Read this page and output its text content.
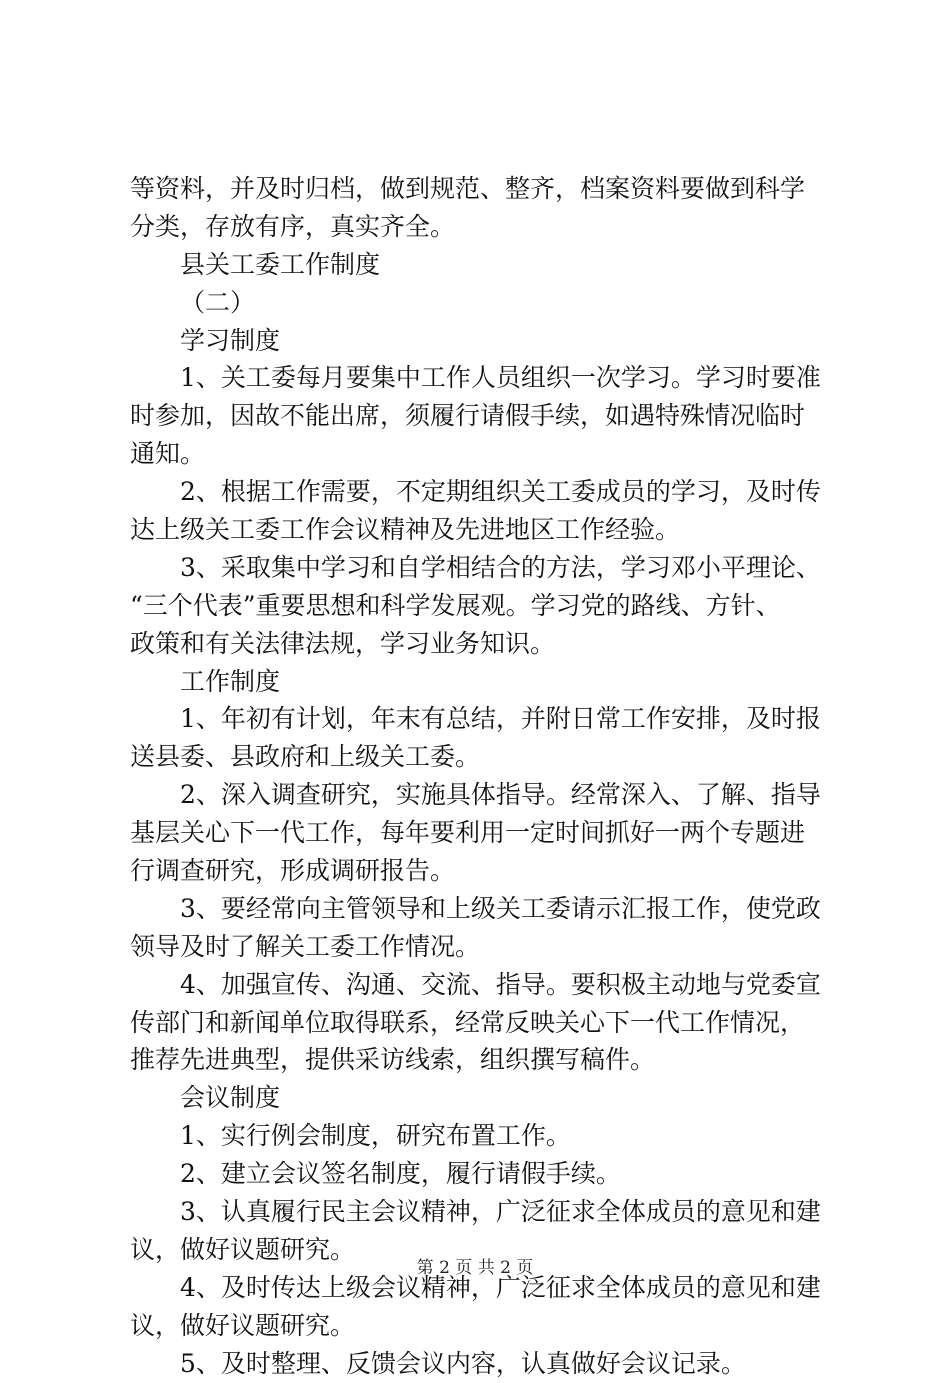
等资料，并及时归档，做到规范、整齐，档案资料要做到科学
分类，存放有序，真实齐全。
县关工委工作制度
（二）
学习制度
1、关工委每月要集中工作人员组织一次学习。学习时要准
时参加，因故不能出席，须履行请假手续，如遇特殊情况临时
通知。
2、根据工作需要，不定期组织关工委成员的学习，及时传
达上级关工委工作会议精神及先进地区工作经验。
3、采取集中学习和自学相结合的方法，学习邓小平理论、
“三个代表”重要思想和科学发展观。学习党的路线、方针、
政策和有关法律法规，学习业务知识。
工作制度
1、年初有计划，年末有总结，并附日常工作安排，及时报
送县委、县政府和上级关工委。
2、深入调查研究，实施具体指导。经常深入、了解、指导
基层关心下一代工作，每年要利用一定时间抓好一两个专题进
行调查研究，形成调研报告。
3、要经常向主管领导和上级关工委请示汇报工作，使党政
领导及时了解关工委工作情况。
4、加强宣传、沟通、交流、指导。要积极主动地与党委宣
传部门和新闻单位取得联系，经常反映关心下一代工作情况，
推荐先进典型，提供采访线索，组织撰写稿件。
会议制度
1、实行例会制度，研究布置工作。
2、建立会议签名制度，履行请假手续。
3、认真履行民主会议精神，广泛征求全体成员的意见和建
议，做好议题研究。
4、及时传达上级会议精神，广泛征求全体成员的意见和建
议，做好议题研究。
5、及时整理、反馈会议内容，认真做好会议记录。
第 2 页 共 2 页
